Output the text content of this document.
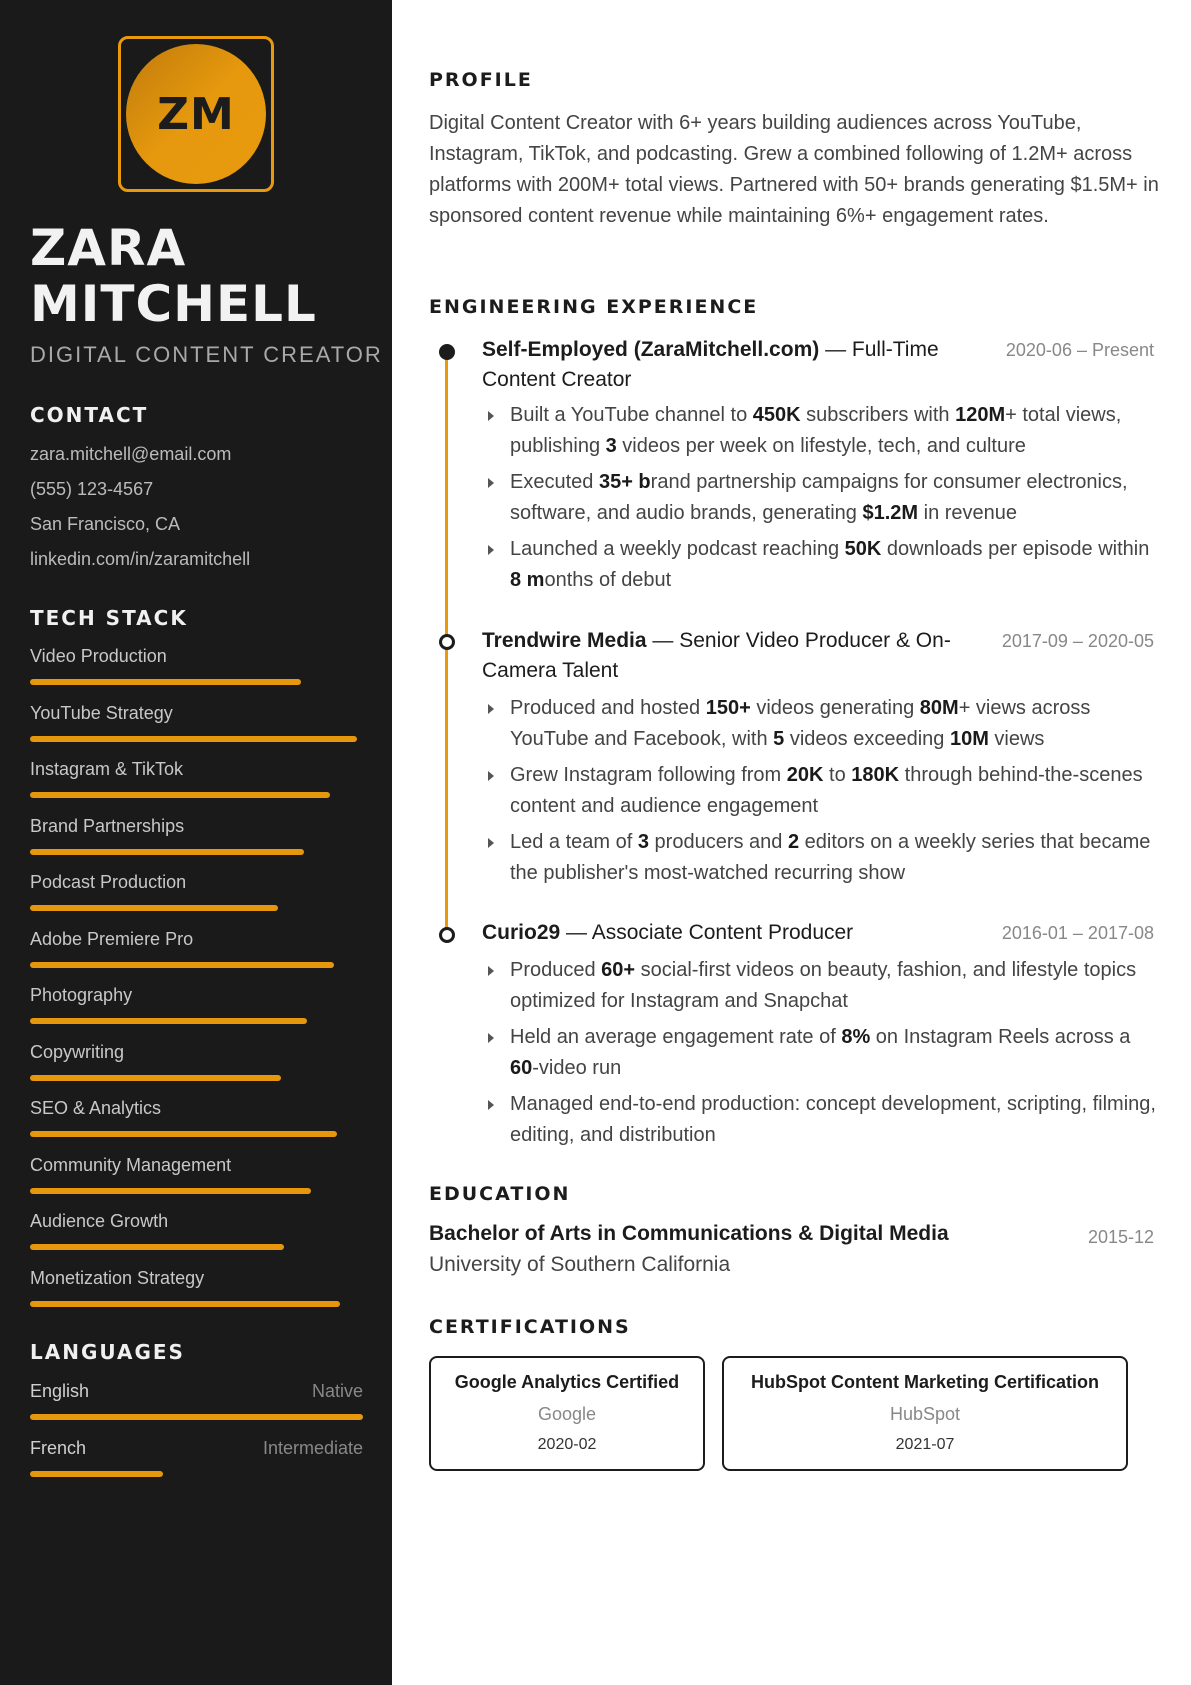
ZM
ZARA MITCHELL
DIGITAL CONTENT CREATOR
CONTACT
zara.mitchell@email.com
(555) 123-4567
San Francisco, CA
linkedin.com/in/zaramitchell
TECH STACK
Video Production
YouTube Strategy
Instagram & TikTok
Brand Partnerships
Podcast Production
Adobe Premiere Pro
Photography
Copywriting
SEO & Analytics
Community Management
Audience Growth
Monetization Strategy
LANGUAGES
English	Native
French	Intermediate
PROFILE
Digital Content Creator with 6+ years building audiences across YouTube, Instagram, TikTok, and podcasting. Grew a combined following of 1.2M+ across platforms with 200M+ total views. Partnered with 50+ brands generating $1.5M+ in sponsored content revenue while maintaining 6%+ engagement rates.
ENGINEERING EXPERIENCE
Self-Employed (ZaraMitchell.com) — Full-Time Content Creator
2020-06 – Present
Built a YouTube channel to 450K subscribers with 120M+ total views, publishing 3 videos per week on lifestyle, tech, and culture
Executed 35+ brand partnership campaigns for consumer electronics, software, and audio brands, generating $1.2M in revenue
Launched a weekly podcast reaching 50K downloads per episode within 8 months of debut
Trendwire Media — Senior Video Producer & On-Camera Talent
2017-09 – 2020-05
Produced and hosted 150+ videos generating 80M+ views across YouTube and Facebook, with 5 videos exceeding 10M views
Grew Instagram following from 20K to 180K through behind-the-scenes content and audience engagement
Led a team of 3 producers and 2 editors on a weekly series that became the publisher's most-watched recurring show
Curio29 — Associate Content Producer	2016-01 – 2017-08
Produced 60+ social-first videos on beauty, fashion, and lifestyle topics optimized for Instagram and Snapchat
Held an average engagement rate of 8% on Instagram Reels across a 60-video run
Managed end-to-end production: concept development, scripting, filming, editing, and distribution
EDUCATION
Bachelor of Arts in Communications & Digital Media
University of Southern California
2015-12
CERTIFICATIONS
Google Analytics Certified
Google
2020-02
HubSpot Content Marketing Certification
HubSpot
2021-07
